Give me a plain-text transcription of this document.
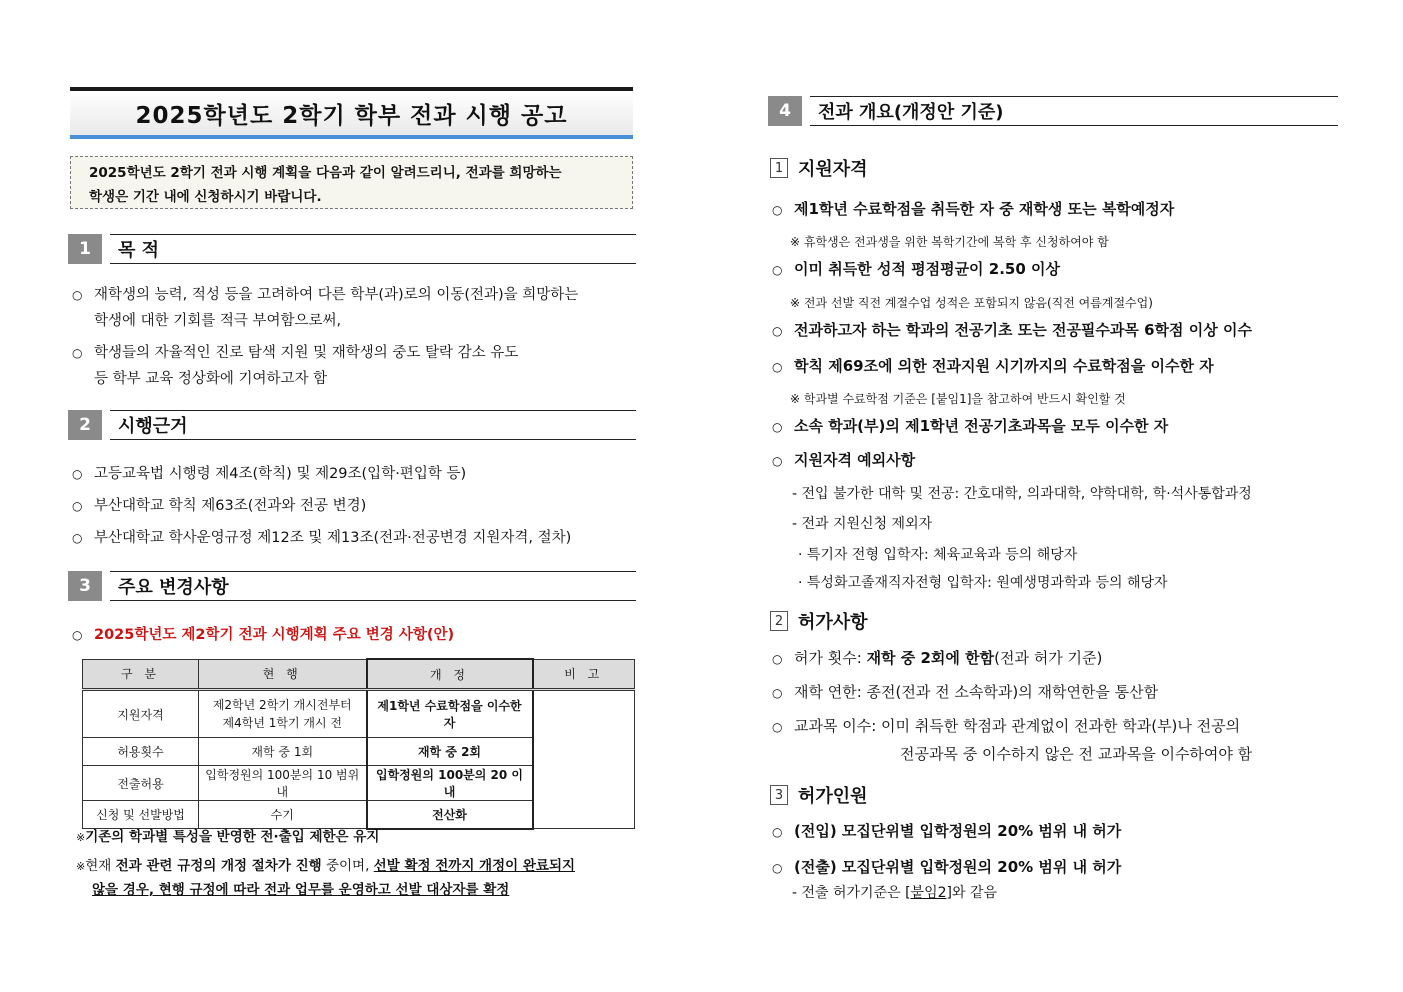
2025학년도 2학기 학부 전과 시행 공고
2025학년도 2학기 전과 시행 계획을 다음과 같이 알려드리니, 전과를 희망하는
학생은 기간 내에 신청하시기 바랍니다.
1	목 적
○ 재학생의 능력, 적성 등을 고려하여 다른 학부(과)로의 이동(전과)을 희망하는
학생에 대한 기회를 적극 부여함으로써,
○ 학생들의 자율적인 진로 탐색 지원 및 재학생의 중도 탈락 감소 유도
등 학부 교육 정상화에 기여하고자 함
2	시행근거
○ 고등교육법 시행령 제4조(학칙) 및 제29조(입학·편입학 등)
○ 부산대학교 학칙 제63조(전과와 전공 변경)
○ 부산대학교 학사운영규정 제12조 및 제13조(전과·전공변경 지원자격, 절차)
3	주요 변경사항
○ 2025학년도 제2학기 전과 시행계획 주요 변경 사항(안)
구 분	현 행	개 정	비 고
지원자격	제2학년 2학기 개시전부터
제4학년 1학기 개시 전	제1학년 수료학점을 이수한 자	
허용횟수	재학 중 1회	재학 중 2회	
전출허용	입학정원의 100분의 10 범위 내	입학정원의 100분의 20 이내	
신청 및 선발방법	수기	전산화	
※기존의 학과별 특성을 반영한 전·출입 제한은 유지
※현재 전과 관련 규정의 개정 절차가 진행 중이며, 선발 확정 전까지 개정이 완료되지
않을 경우, 현행 규정에 따라 전과 업무를 운영하고 선발 대상자를 확정
4	전과 개요(개정안 기준)
1 지원자격
○ 제1학년 수료학점을 취득한 자 중 재학생 또는 복학예정자
※ 휴학생은 전과생을 위한 복학기간에 복학 후 신청하여야 함
○ 이미 취득한 성적 평점평균이 2.50 이상
※ 전과 선발 직전 계절수업 성적은 포함되지 않음(직전 여름계절수업)
○ 전과하고자 하는 학과의 전공기초 또는 전공필수과목 6학점 이상 이수
○ 학칙 제69조에 의한 전과지원 시기까지의 수료학점을 이수한 자
※ 학과별 수료학점 기준은 [붙임1]을 참고하여 반드시 확인할 것
○ 소속 학과(부)의 제1학년 전공기초과목을 모두 이수한 자
○ 지원자격 예외사항
- 전입 불가한 대학 및 전공: 간호대학, 의과대학, 약학대학, 학·석사통합과정
- 전과 지원신청 제외자
· 특기자 전형 입학자: 체육교육과 등의 해당자
· 특성화고졸재직자전형 입학자: 원예생명과학과 등의 해당자
2 허가사항
○ 허가 횟수: 재학 중 2회에 한함(전과 허가 기준)
○ 재학 연한: 종전(전과 전 소속학과)의 재학연한을 통산함
○ 교과목 이수: 이미 취득한 학점과 관계없이 전과한 학과(부)나 전공의
전공과목 중 이수하지 않은 전 교과목을 이수하여야 함
3 허가인원
○ (전입) 모집단위별 입학정원의 20% 범위 내 허가
○ (전출) 모집단위별 입학정원의 20% 범위 내 허가
- 전출 허가기준은 [붙임2]와 같음
